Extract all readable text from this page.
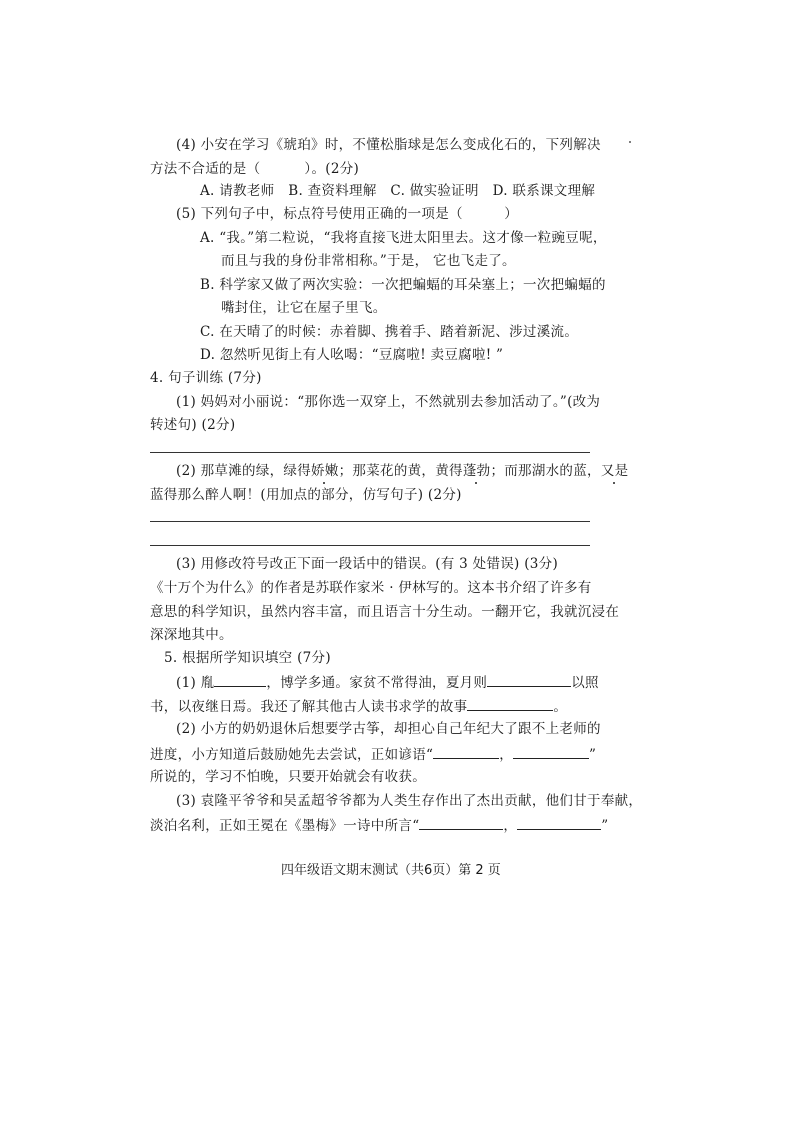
(4) 小安在学习《琥珀》时，不懂松脂球是怎么变成化石的，下列解决
方法不合适的是（	）。(2分)
A. 请教老师　B. 查资料理解　C. 做实验证明　D. 联系课文理解
(5) 下列句子中，标点符号使用正确的一项是（　　　）
A. “我。”第二粒说，“我将直接飞进太阳里去。这才像一粒豌豆呢，
而且与我的身份非常相称。”于是， 它也飞走了。
B. 科学家又做了两次实验：一次把蝙蝠的耳朵塞上；一次把蝙蝠的
嘴封住，让它在屋子里飞。
C. 在天晴了的时候：赤着脚、携着手、踏着新泥、涉过溪流。
D. 忽然听见街上有人吆喝：“豆腐啦! 卖豆腐啦! ”
4. 句子训练 (7分)
(1) 妈妈对小丽说：“那你选一双穿上，不然就别去参加活动了。”(改为
转述句) (2分)
(2) 那草滩的绿，绿得娇嫩；那菜花的黄，黄得蓬勃；而那湖水的蓝，又是
蓝得那么醉人啊！(用加点的部分，仿写句子) (2分)
(3) 用修改符号改正下面一段话中的错误。(有 3 处错误) (3分)
《十万个为什么》的作者是苏联作家米 · 伊林写的。这本书介绍了许多有
意思的科学知识，虽然内容丰富，而且语言十分生动。一翻开它，我就沉浸在
深深地其中。
5. 根据所学知识填空 (7分)
(1) 胤	，博学多通。家贫不常得油，夏月则	以照
书，以夜继日焉。我还了解其他古人读书求学的故事	。
(2) 小方的奶奶退休后想要学古筝，却担心自己年纪大了跟不上老师的
进度，小方知道后鼓励她先去尝试，正如谚语“	，	”
所说的，学习不怕晚，只要开始就会有收获。
(3) 袁隆平爷爷和吴孟超爷爷都为人类生存作出了杰出贡献，他们甘于奉献，
淡泊名利，正如王冕在《墨梅》一诗中所言“	，	”
四年级语文期末测试（共6页）第 2 页
